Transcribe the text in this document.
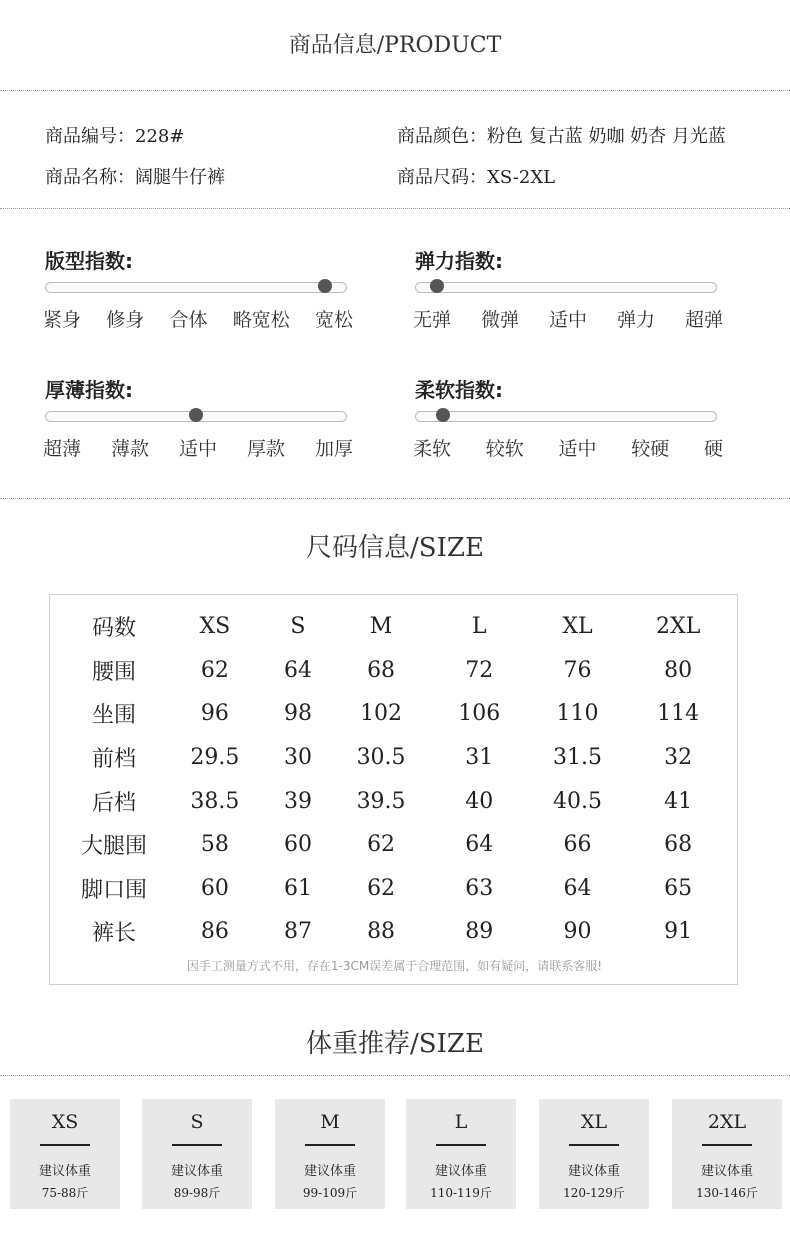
商品信息/PRODUCT
商品编号：228#	商品颜色：粉色 复古蓝 奶咖 奶杏 月光蓝
商品名称：阔腿牛仔裤	商品尺码：XS-2XL
版型指数:
紧身 修身 合体 略宽松 宽松
弹力指数:
无弹 微弹 适中 弹力 超弹
厚薄指数:
超薄 薄款 适中 厚款 加厚
柔软指数:
柔软 较软 适中 较硬 硬
尺码信息/SIZE
码数	XS	S	M	L	XL	2XL
腰围	62	64	68	72	76	80
坐围	96	98	102	106	110	114
前档	29.5	30	30.5	31	31.5	32
后档	38.5	39	39.5	40	40.5	41
大腿围	58	60	62	64	66	68
脚口围	60	61	62	63	64	65
裤长	86	87	88	89	90	91
因手工测量方式不用，存在1-3CM误差属于合理范围，如有疑问，请联系客服!
体重推荐/SIZE
XS
建议体重
75-88斤
S
建议体重
89-98斤
M
建议体重
99-109斤
L
建议体重
110-119斤
XL
建议体重
120-129斤
2XL
建议体重
130-146斤
